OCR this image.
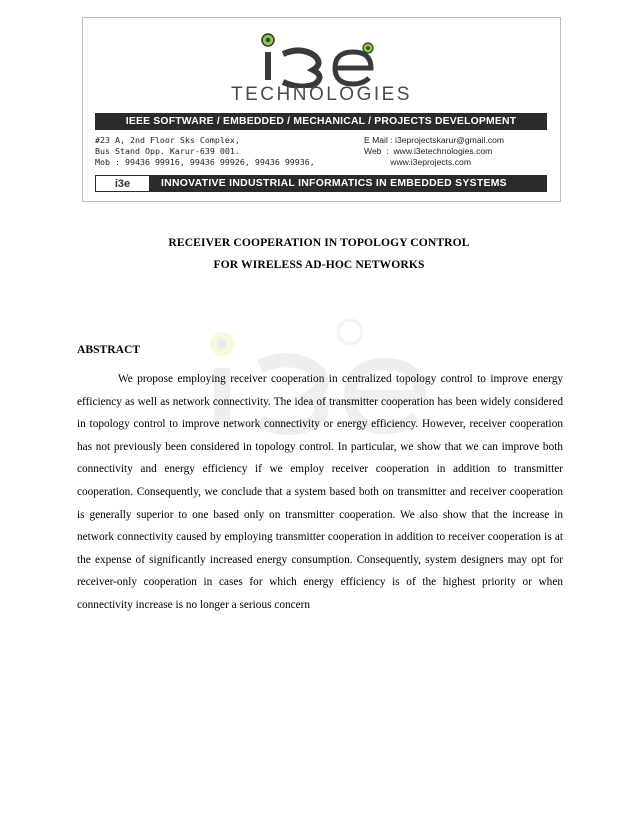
TECHNOLOGIES
IEEE SOFTWARE / EMBEDDED / MECHANICAL / PROJECTS DEVELOPMENT
#23 A, 2nd Floor Sks Complex,
Bus Stand Opp. Karur-639 001.
Mob : 99436 99916, 99436 99926, 99436 99936,
E Mail : i3eprojectskarur@gmail.com
Web  :  www.i3etechnologies.com
www.i3eprojects.com
i3e	INNOVATIVE INDUSTRIAL INFORMATICS IN EMBEDDED SYSTEMS
RECEIVER COOPERATION IN TOPOLOGY CONTROL
FOR WIRELESS AD-HOC NETWORKS
ABSTRACT
We propose employing receiver cooperation in centralized topology control to improve energy efficiency as well as network connectivity. The idea of transmitter cooperation has been widely considered in topology control to improve network connectivity or energy efficiency. However, receiver cooperation has not previously been considered in topology control. In particular, we show that we can improve both connectivity and energy efficiency if we employ receiver cooperation in addition to transmitter cooperation. Consequently, we conclude that a system based both on transmitter and receiver cooperation is generally superior to one based only on transmitter cooperation. We also show that the increase in network connectivity caused by employing transmitter cooperation in addition to receiver cooperation is at the expense of significantly increased energy consumption. Consequently, system designers may opt for receiver-only cooperation in cases for which energy efficiency is of the highest priority or when connectivity increase is no longer a serious concern
